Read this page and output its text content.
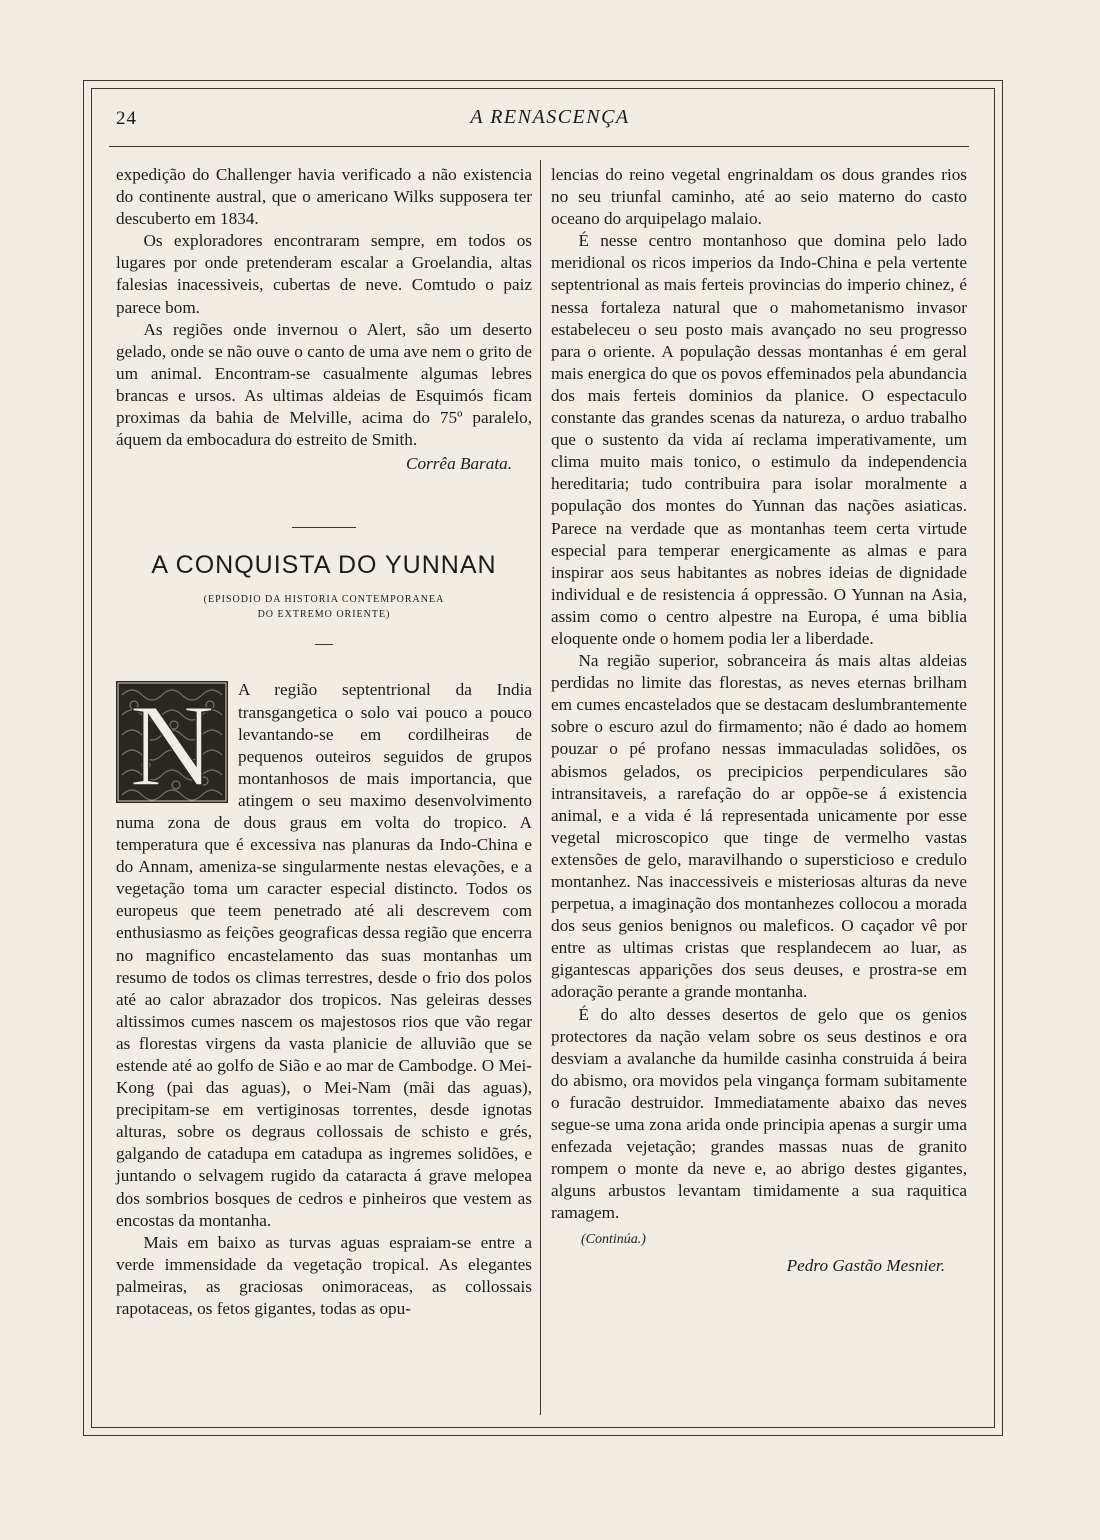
24	A RENASCENÇA

expedição do Challenger havia verificado a não existencia do continente austral, que o americano Wilks supposera ter descuberto em 1834.

Os exploradores encontraram sempre, em todos os lugares por onde pretenderam escalar a Groelandia, altas falesias inacessiveis, cubertas de neve. Comtudo o paiz parece bom.

As regiões onde invernou o Alert, são um deserto gelado, onde se não ouve o canto de uma ave nem o grito de um animal. Encontram-se casualmente algumas lebres brancas e ursos. As ultimas aldeias de Esquimós ficam proximas da bahia de Melville, acima do 75º paralelo, áquem da embocadura do estreito de Smith.

Corrêa Barata.
A CONQUISTA DO YUNNAN

(EPISODIO DA HISTORIA CONTEMPORANEA

DO EXTREMO ORIENTE)

N	A região septentrional da India transgangetica o solo vai pouco a pouco levantando-se em cordilheiras de pequenos outeiros seguidos de grupos montanhosos de mais importancia, que atingem o seu maximo desenvolvimento numa zona de dous graus em volta do tropico. A temperatura que é excessiva nas planuras da Indo-China e do Annam, ameniza-se singularmente nestas elevações, e a vegetação toma um caracter especial distincto. Todos os europeus que teem penetrado até ali descrevem com enthusiasmo as feições geograficas dessa região que encerra no magnifico encastelamento das suas montanhas um resumo de todos os climas terrestres, desde o frio dos polos até ao calor abrazador dos tropicos. Nas geleiras desses altissimos cumes nascem os majestosos rios que vão regar as florestas virgens da vasta planicie de alluvião que se estende até ao golfo de Sião e ao mar de Cambodge. O Mei-Kong (pai das aguas), o Mei-Nam (mãi das aguas), precipitam-se em vertiginosas torrentes, desde ignotas alturas, sobre os degraus collossais de schisto e grés, galgando de catadupa em catadupa as ingremes solidões, e juntando o selvagem rugido da cataracta á grave melopea dos sombrios bosques de cedros e pinheiros que vestem as encostas da montanha.

Mais em baixo as turvas aguas espraiam-se entre a verde immensidade da vegetação tropical. As elegantes palmeiras, as graciosas onimoraceas, as collossais rapotaceas, os fetos gigantes, todas as opu-

lencias do reino vegetal engrinaldam os dous grandes rios no seu triunfal caminho, até ao seio materno do casto oceano do arquipelago malaio.

É nesse centro montanhoso que domina pelo lado meridional os ricos imperios da Indo-China e pela vertente septentrional as mais ferteis provincias do imperio chinez, é nessa fortaleza natural que o mahometanismo invasor estabeleceu o seu posto mais avançado no seu progresso para o oriente. A população dessas montanhas é em geral mais energica do que os povos effeminados pela abundancia dos mais ferteis dominios da planice. O espectaculo constante das grandes scenas da natureza, o arduo trabalho que o sustento da vida aí reclama imperativamente, um clima muito mais tonico, o estimulo da independencia hereditaria; tudo contribuira para isolar moralmente a população dos montes do Yunnan das nações asiaticas. Parece na verdade que as montanhas teem certa virtude especial para temperar energicamente as almas e para inspirar aos seus habitantes as nobres ideias de dignidade individual e de resistencia á oppressão. O Yunnan na Asia, assim como o centro alpestre na Europa, é uma biblia eloquente onde o homem podia ler a liberdade.

Na região superior, sobranceira ás mais altas aldeias perdidas no limite das florestas, as neves eternas brilham em cumes encastelados que se destacam deslumbrantemente sobre o escuro azul do firmamento; não é dado ao homem pouzar o pé profano nessas immaculadas solidões, os abismos gelados, os precipicios perpendiculares são intransitaveis, a rarefação do ar oppõe-se á existencia animal, e a vida é lá representada unicamente por esse vegetal microscopico que tinge de vermelho vastas extensões de gelo, maravilhando o supersticioso e credulo montanhez. Nas inaccessiveis e misteriosas alturas da neve perpetua, a imaginação dos montanhezes collocou a morada dos seus genios benignos ou maleficos. O caçador vê por entre as ultimas cristas que resplandecem ao luar, as gigantescas apparições dos seus deuses, e prostra-se em adoração perante a grande montanha.

É do alto desses desertos de gelo que os genios protectores da nação velam sobre os seus destinos e ora desviam a avalanche da humilde casinha construida á beira do abismo, ora movidos pela vingança formam subitamente o furacão destruidor. Immediatamente abaixo das neves segue-se uma zona arida onde principia apenas a surgir uma enfezada vejetação; grandes massas nuas de granito rompem o monte da neve e, ao abrigo destes gigantes, alguns arbustos levantam timidamente a sua raquitica ramagem.

(Continúa.)
Pedro Gastão Mesnier.
